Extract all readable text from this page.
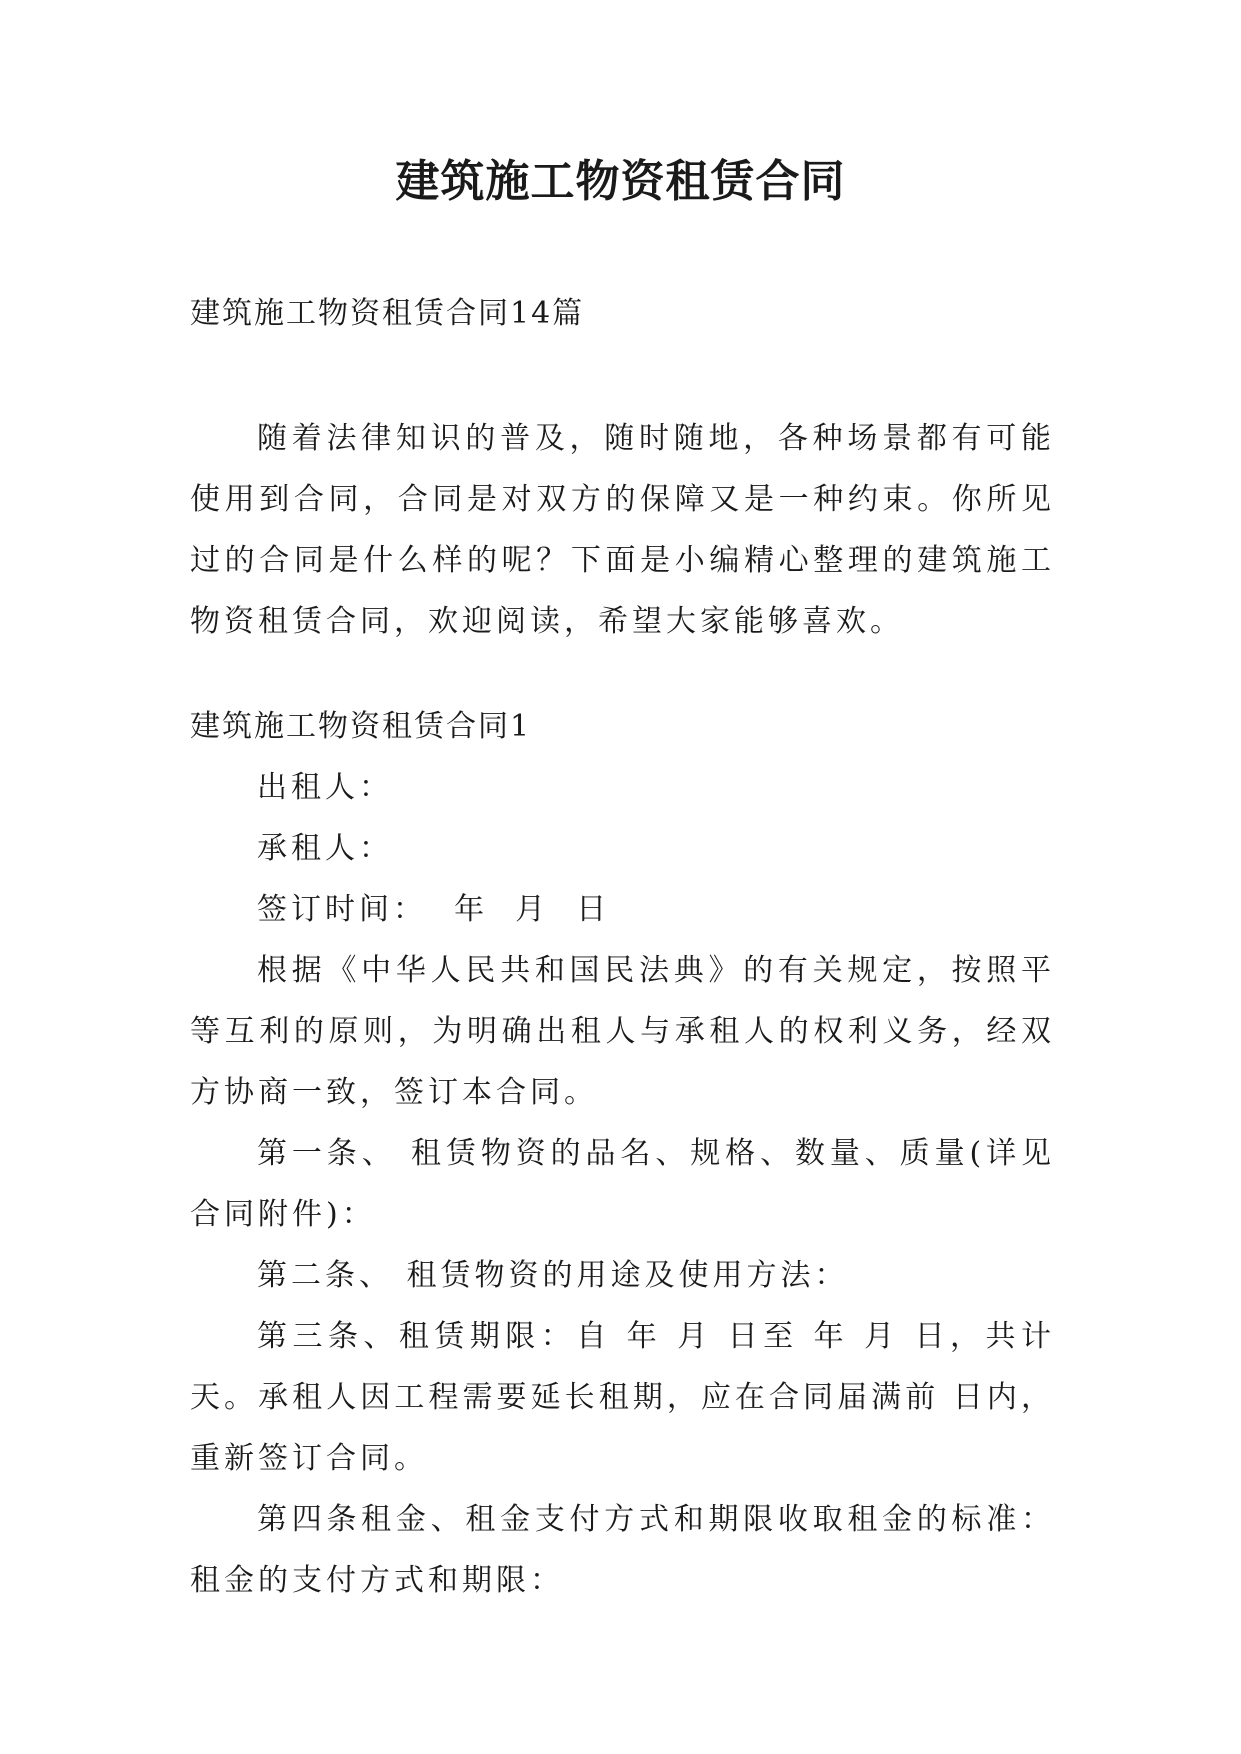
建筑施工物资租赁合同
建筑施工物资租赁合同14篇

随着法律知识的普及，随时随地，各种场景都有可能使用到合同，合同是对双方的保障又是一种约束。你所见过的合同是什么样的呢？下面是小编精心整理的建筑施工物资租赁合同，欢迎阅读，希望大家能够喜欢。

建筑施工物资租赁合同1

出租人：

承租人：

签订时间：  年  月  日

根据《中华人民共和国民法典》的有关规定，按照平等互利的原则，为明确出租人与承租人的权利义务，经双方协商一致，签订本合同。

第一条、 租赁物资的品名、规格、数量、质量(详见合同附件)：

第二条、 租赁物资的用途及使用方法：

第三条、租赁期限：自 年 月 日至 年 月 日，共计 天。承租人因工程需要延长租期，应在合同届满前 日内，重新签订合同。

第四条租金、租金支付方式和期限收取租金的标准：租金的支付方式和期限：
